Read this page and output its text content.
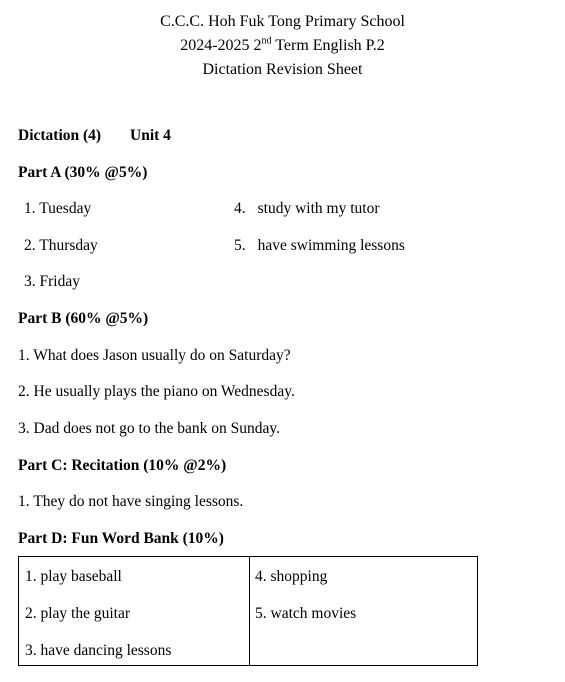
C.C.C. Hoh Fuk Tong Primary School
2024-2025 2nd Term English P.2
Dictation Revision Sheet
Dictation (4) Unit 4
Part A (30% @5%)
1. Tuesday
2. Thursday
3. Friday
4. study with my tutor
5. have swimming lessons
Part B (60% @5%)
1. What does Jason usually do on Saturday?
2. He usually plays the piano on Wednesday.
3. Dad does not go to the bank on Sunday.
Part C: Recitation (10% @2%)
1. They do not have singing lessons.
Part D: Fun Word Bank (10%)
1. play baseball
2. play the guitar
3. have dancing lessons
4. shopping
5. watch movies
